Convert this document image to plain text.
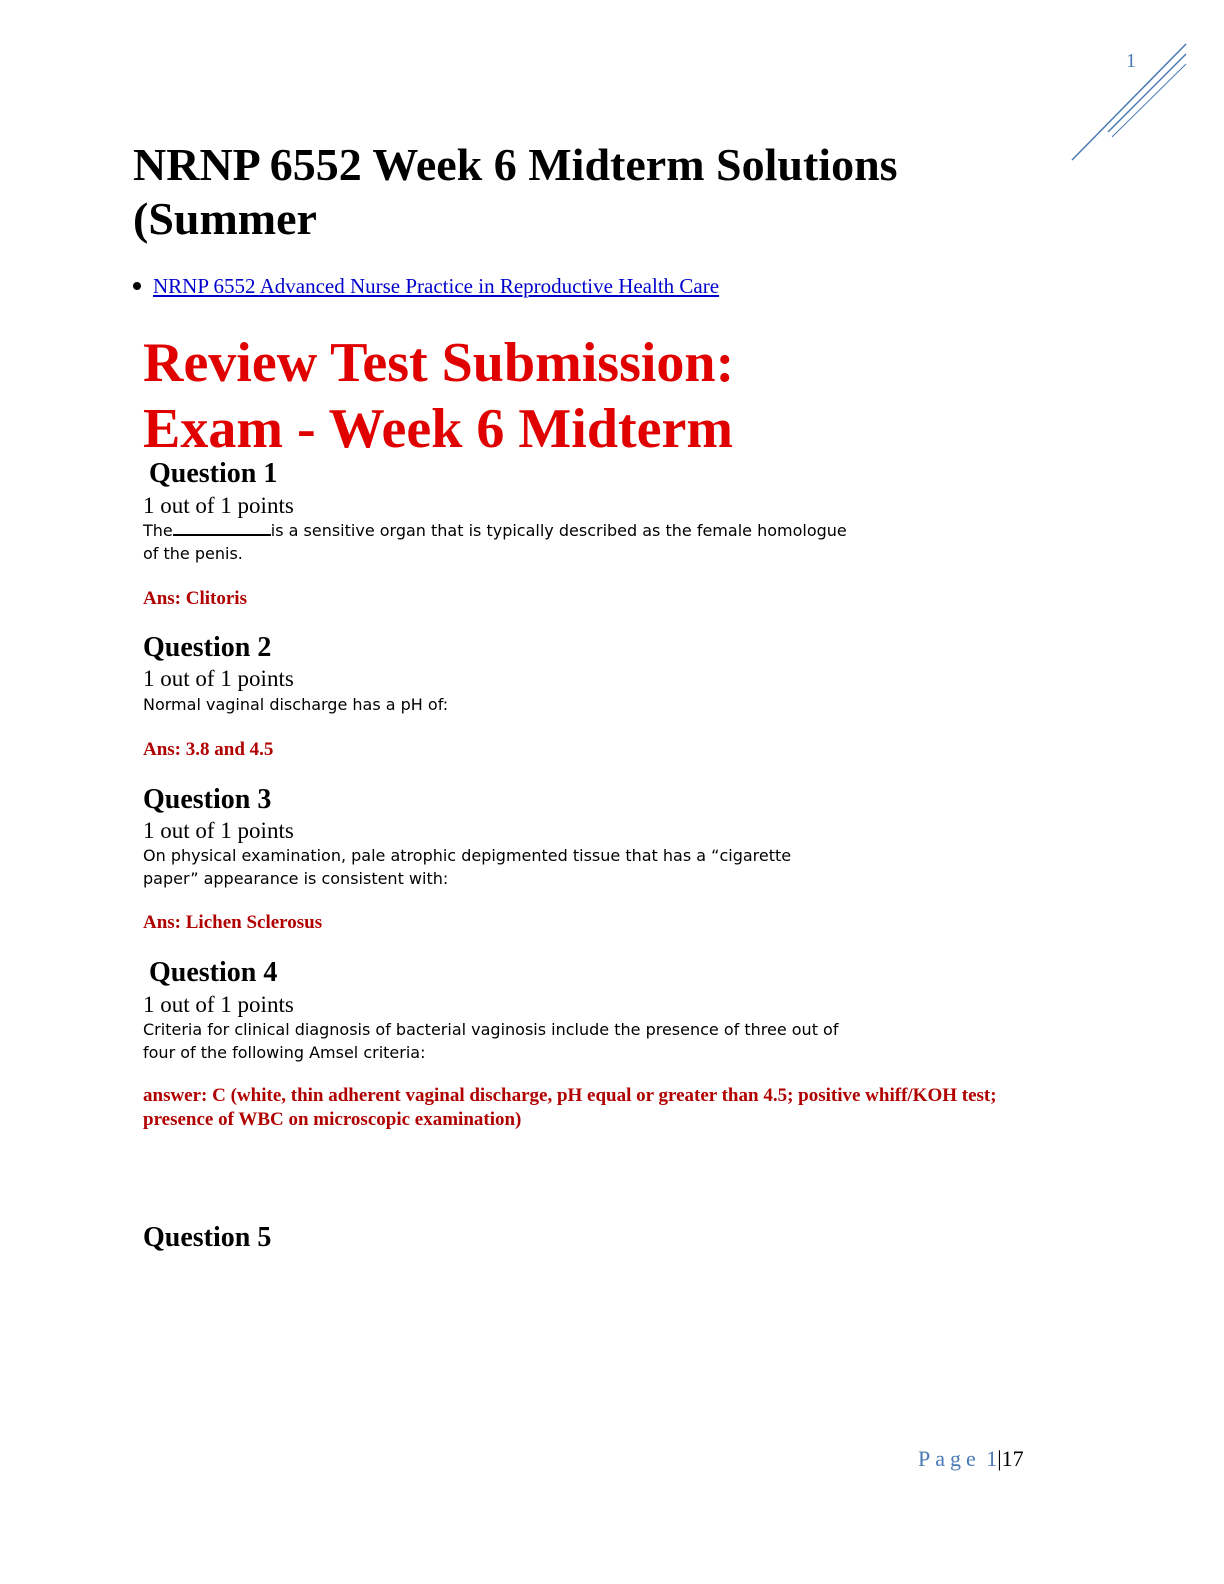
1
NRNP 6552 Week 6 Midterm Solutions
(Summer
NRNP 6552 Advanced Nurse Practice in Reproductive Health Care
Review Test Submission:
Exam - Week 6 Midterm
Question 1
1 out of 1 points
The	is a sensitive organ that is typically described as the female homologue of the penis.
Ans: Clitoris
Question 2
1 out of 1 points
Normal vaginal discharge has a pH of:
Ans: 3.8 and 4.5
Question 3
1 out of 1 points
On physical examination, pale atrophic depigmented tissue that has a “cigarette paper” appearance is consistent with:
Ans: Lichen Sclerosus
Question 4
1 out of 1 points
Criteria for clinical diagnosis of bacterial vaginosis include the presence of three out of four of the following Amsel criteria:
answer: C (white, thin adherent vaginal discharge, pH equal or greater than 4.5; positive whiff/KOH test; presence of WBC on microscopic examination)
Question 5
Page 1|17
